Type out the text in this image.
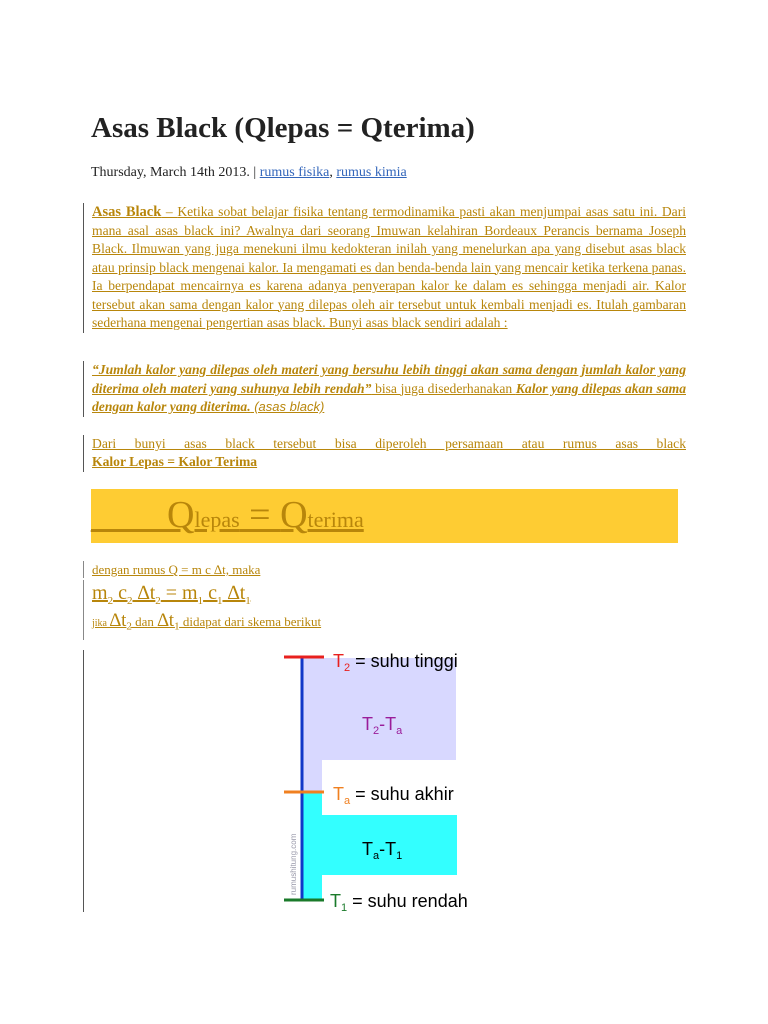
Asas Black (Qlepas = Qterima)
Thursday, March 14th 2013. | rumus fisika, rumus kimia
Asas Black – Ketika sobat belajar fisika tentang termodinamika pasti akan menjumpai asas satu ini. Dari mana asal asas black ini? Awalnya dari seorang Imuwan kelahiran Bordeaux Perancis bernama Joseph Black. Ilmuwan yang juga menekuni ilmu kedokteran inilah yang menelurkan apa yang disebut asas black atau prinsip black mengenai kalor. Ia mengamati es dan benda-benda lain yang mencair ketika terkena panas. Ia berpendapat mencairnya es karena adanya penyerapan kalor ke dalam es sehingga menjadi air. Kalor tersebut akan sama dengan kalor yang dilepas oleh air tersebut untuk kembali menjadi es. Itulah gambaran sederhana mengenai pengertian asas black. Bunyi asas black sendiri adalah :
“Jumlah kalor yang dilepas oleh materi yang bersuhu lebih tinggi akan sama dengan jumlah kalor yang diterima oleh materi yang suhunya lebih rendah” bisa juga disederhanakan Kalor yang dilepas akan sama dengan kalor yang diterima. (asas black)
Dari bunyi asas black tersebut bisa diperoleh persamaan atau rumus asas black
Kalor Lepas = Kalor Terima
____Qlepas = Qterima
dengan rumus Q = m c ∆t, maka
$m_2$ $c_2$ $\Delta t_2 = m_1$ $c_1$ $\Delta t_1$
jika $\Delta t_2$ dan $\Delta t_1$ didapat dari skema berikut
$T_2$ = suhu tinggi
$T_2-T_a$
$T_a$ = suhu akhir
$T_a-T_1$
$T_1$ = suhu rendah
rumushitung.com
